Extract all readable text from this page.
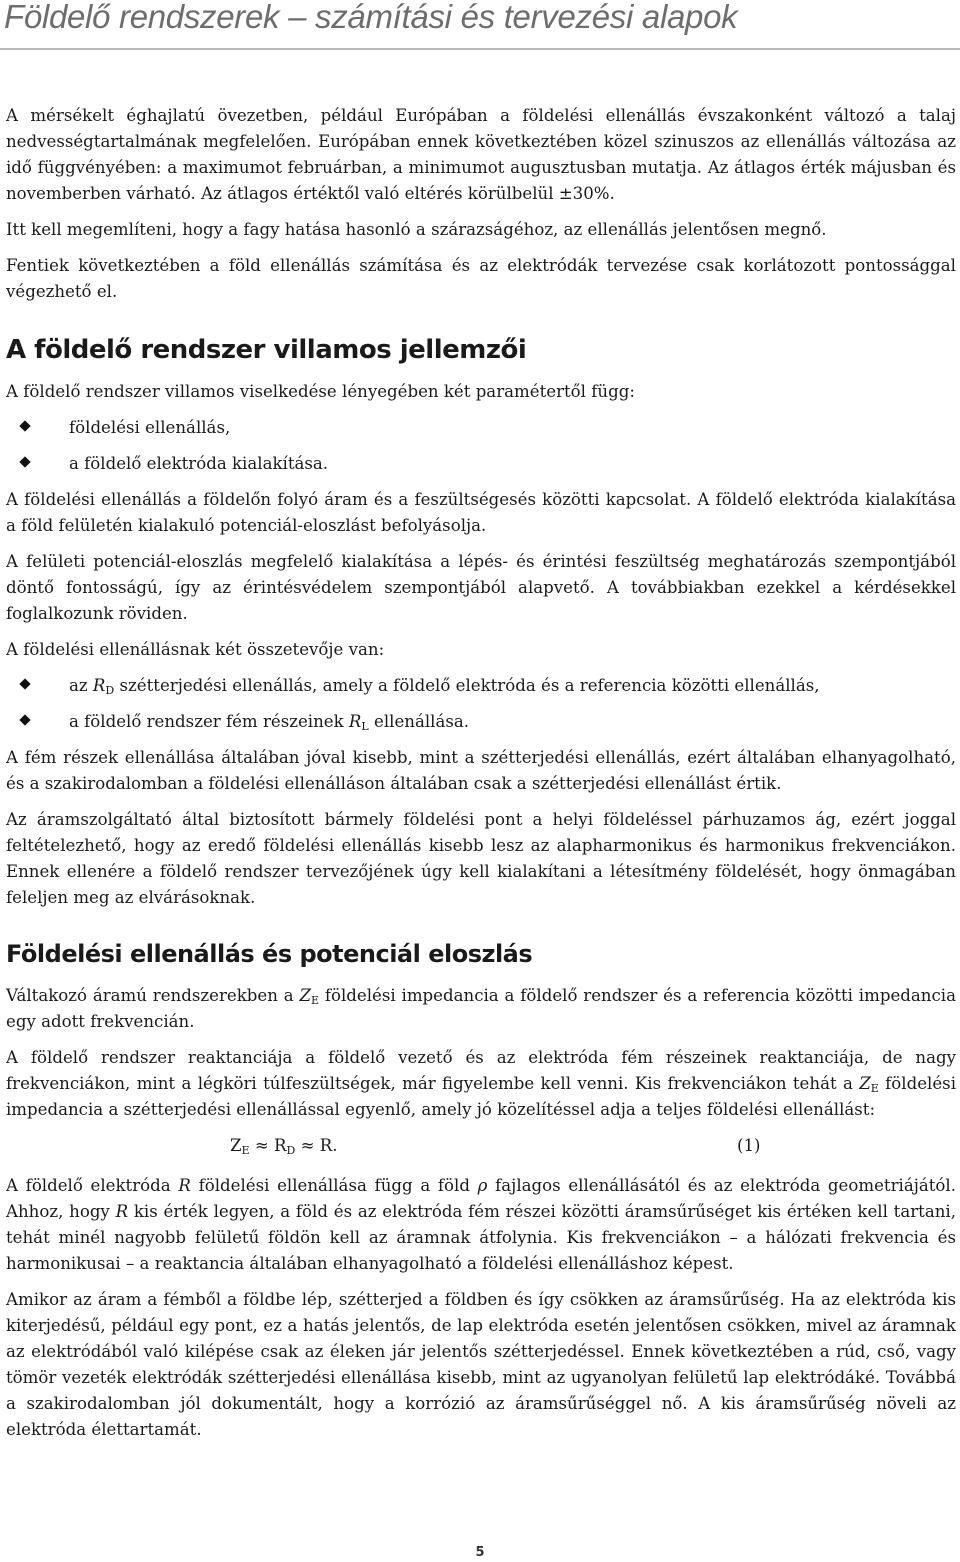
Földelő rendszerek – számítási és tervezési alapok

A mérsékelt éghajlatú övezetben, például Európában a földelési ellenállás évszakonként változó a talaj nedvességtartalmának megfelelően. Európában ennek következtében közel szinuszos az ellenállás változása az idő függvényében: a maximumot februárban, a minimumot augusztusban mutatja. Az átlagos érték májusban és novemberben várható. Az átlagos értéktől való eltérés körülbelül ±30%.

Itt kell megemlíteni, hogy a fagy hatása hasonló a szárazságéhoz, az ellenállás jelentősen megnő.

Fentiek következtében a föld ellenállás számítása és az elektródák tervezése csak korlátozott pontossággal végezhető el.

A földelő rendszer villamos jellemzői

A földelő rendszer villamos viselkedése lényegében két paramétertől függ:

földelési ellenállás,
a földelő elektróda kialakítása.

A földelési ellenállás a földelőn folyó áram és a feszültségesés közötti kapcsolat. A földelő elektróda kialakítása a föld felületén kialakuló potenciál-eloszlást befolyásolja.

A felületi potenciál-eloszlás megfelelő kialakítása a lépés- és érintési feszültség meghatározás szempontjából döntő fontosságú, így az érintésvédelem szempontjából alapvető. A továbbiakban ezekkel a kérdésekkel foglalkozunk röviden.

A földelési ellenállásnak két összetevője van:

az $R_D$ szétterjedési ellenállás, amely a földelő elektróda és a referencia közötti ellenállás,
a földelő rendszer fém részeinek $R_L$ ellenállása.

A fém részek ellenállása általában jóval kisebb, mint a szétterjedési ellenállás, ezért általában elhanyagolható, és a szakirodalomban a földelési ellenálláson általában csak a szétterjedési ellenállást értik.

Az áramszolgáltató által biztosított bármely földelési pont a helyi földeléssel párhuzamos ág, ezért joggal feltételezhető, hogy az eredő földelési ellenállás kisebb lesz az alapharmonikus és harmonikus frekvenciákon. Ennek ellenére a földelő rendszer tervezőjének úgy kell kialakítani a létesítmény földelését, hogy önmagában feleljen meg az elvárásoknak.

Földelési ellenállás és potenciál eloszlás

Váltakozó áramú rendszerekben a $Z_E$ földelési impedancia a földelő rendszer és a referencia közötti impedancia egy adott frekvencián.

A földelő rendszer reaktanciája a földelő vezető és az elektróda fém részeinek reaktanciája, de nagy frekvenciákon, mint a légköri túlfeszültségek, már figyelembe kell venni. Kis frekvenciákon tehát a $Z_E$ földelési impedancia a szétterjedési ellenállással egyenlő, amely jó közelítéssel adja a teljes földelési ellenállást:

$Z_E \approx R_D \approx R$.	(1)

A földelő elektróda R földelési ellenállása függ a föld ρ fajlagos ellenállásától és az elektróda geometriájától. Ahhoz, hogy R kis érték legyen, a föld és az elektróda fém részei közötti áramsűrűséget kis értéken kell tartani, tehát minél nagyobb felületű földön kell az áramnak átfolynia. Kis frekvenciákon – a hálózati frekvencia és harmonikusai – a reaktancia általában elhanyagolható a földelési ellenálláshoz képest.

Amikor az áram a fémből a földbe lép, szétterjed a földben és így csökken az áramsűrűség. Ha az elektróda kis kiterjedésű, például egy pont, ez a hatás jelentős, de lap elektróda esetén jelentősen csökken, mivel az áramnak az elektródából való kilépése csak az éleken jár jelentős szétterjedéssel. Ennek következtében a rúd, cső, vagy tömör vezeték elektródák szétterjedési ellenállása kisebb, mint az ugyanolyan felületű lap elektródáké. Továbbá a szakirodalomban jól dokumentált, hogy a korrózió az áramsűrűséggel nő. A kis áramsűrűség növeli az elektróda élettartamát.

5
